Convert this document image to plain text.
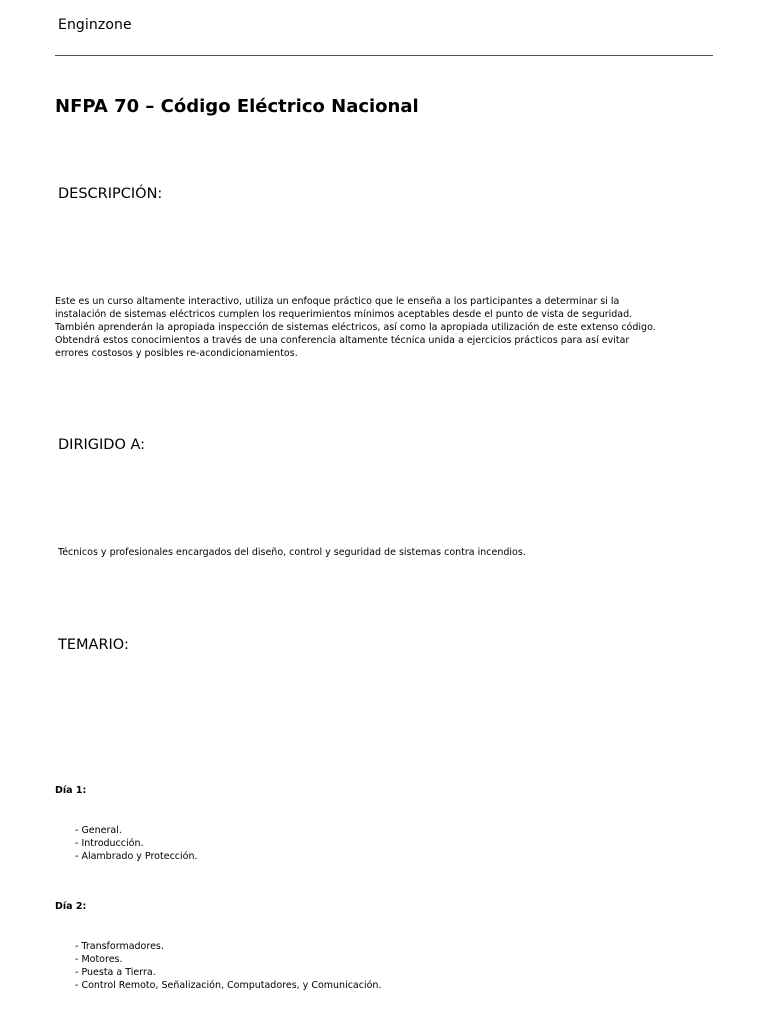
Enginzone
NFPA 70 – Código Eléctrico Nacional
DESCRIPCIÓN:
Este es un curso altamente interactivo, utiliza un enfoque práctico que le enseña a los participantes a determinar si la
instalación de sistemas eléctricos cumplen los requerimientos mínimos aceptables desde el punto de vista de seguridad.
También aprenderán la apropiada inspección de sistemas eléctricos, así como la apropiada utilización de este extenso código.
Obtendrá estos conocimientos a través de una conferencia altamente técnica unida a ejercicios prácticos para así evitar
errores costosos y posibles re-acondicionamientos.
DIRIGIDO A:
Técnicos y profesionales encargados del diseño, control y seguridad de sistemas contra incendios.
TEMARIO:
Día 1:
- General.
- Introducción.
- Alambrado y Protección.
Día 2:
- Transformadores.
- Motores.
- Puesta a Tierra.
- Control Remoto, Señalización, Computadores, y Comunicación.
